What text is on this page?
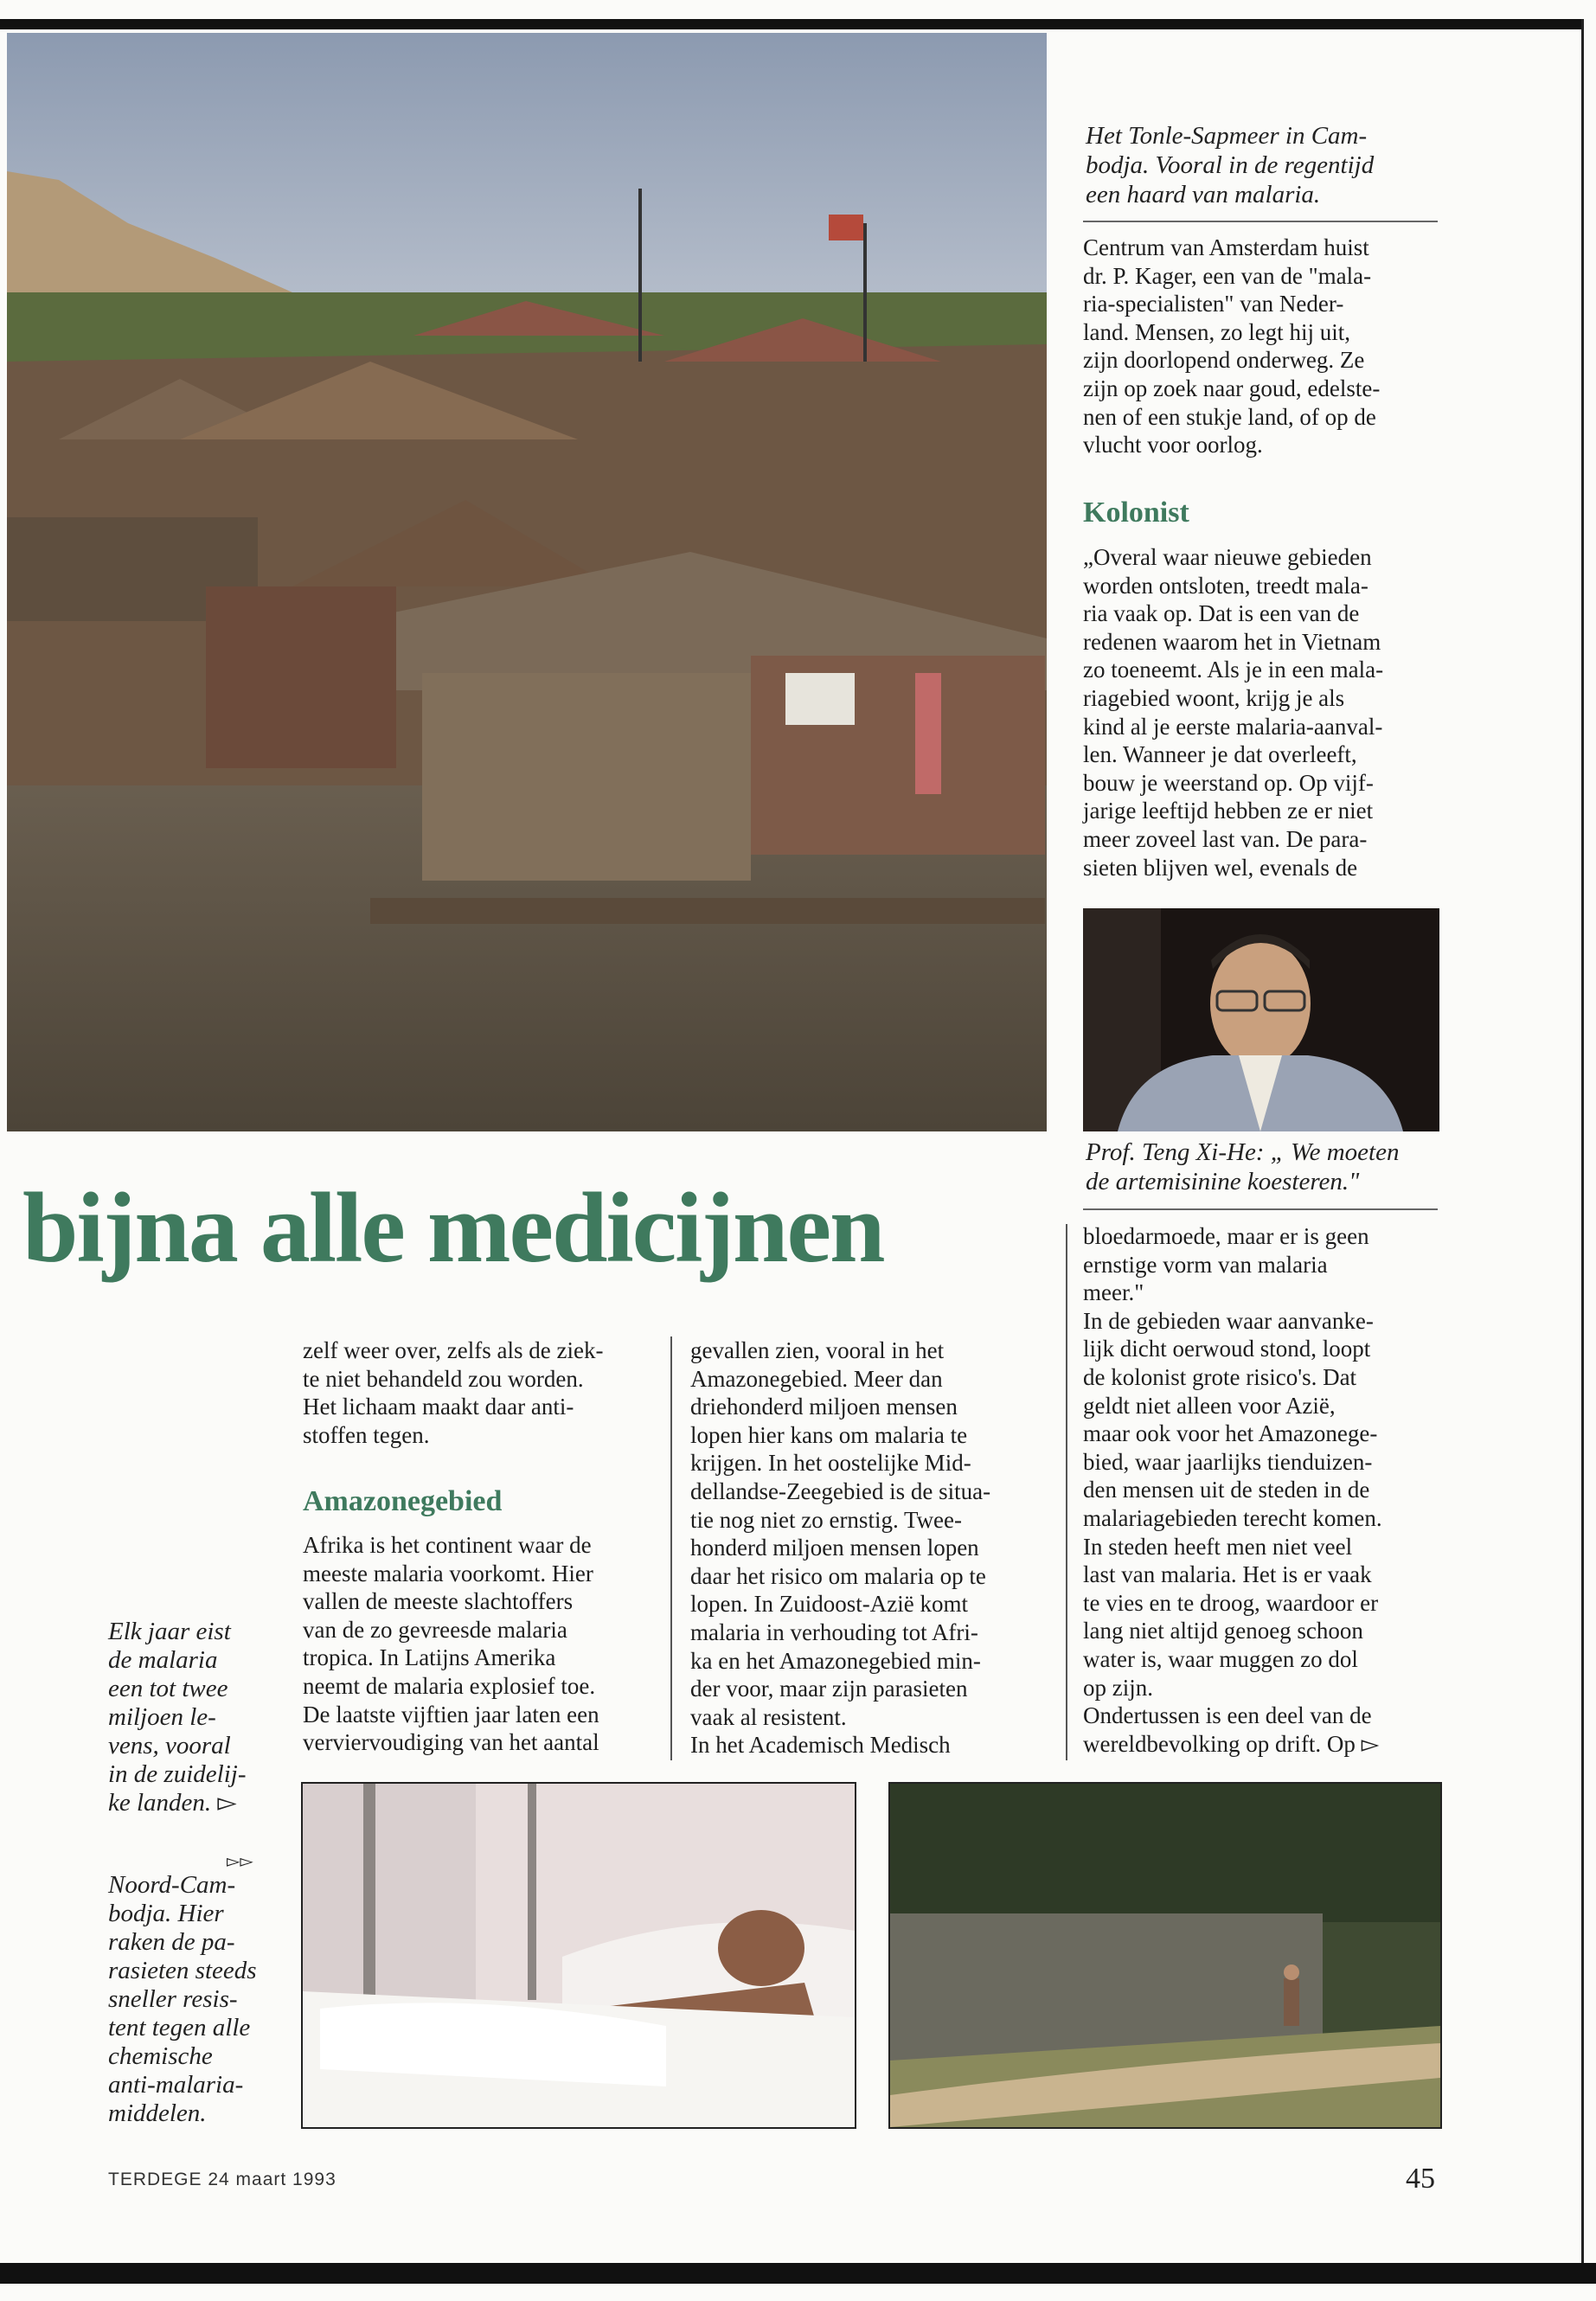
Het Tonle-Sapmeer in Cam-
bodja. Vooral in de regentijd
een haard van malaria.

Centrum van Amsterdam huist

dr. P. Kager, een van de "mala-

ria-specialisten" van Neder-

land. Mensen, zo legt hij uit,

zijn doorlopend onderweg. Ze

zijn op zoek naar goud, edelste-

nen of een stukje land, of op de

vlucht voor oorlog.

Kolonist

„Overal waar nieuwe gebieden

worden ontsloten, treedt mala-

ria vaak op. Dat is een van de

redenen waarom het in Vietnam

zo toeneemt. Als je in een mala-

riagebied woont, krijg je als

kind al je eerste malaria-aanval-

len. Wanneer je dat overleeft,

bouw je weerstand op. Op vijf-

jarige leeftijd hebben ze er niet

meer zoveel last van. De para-

sieten blijven wel, evenals de

Prof. Teng Xi-He: „ We moeten
de artemisinine koesteren."

bloedarmoede, maar er is geen

ernstige vorm van malaria

meer."

In de gebieden waar aanvanke-

lijk dicht oerwoud stond, loopt

de kolonist grote risico's. Dat

geldt niet alleen voor Azië,

maar ook voor het Amazonege-

bied, waar jaarlijks tienduizen-

den mensen uit de steden in de

malariagebieden terecht komen.

In steden heeft men niet veel

last van malaria. Het is er vaak

te vies en te droog, waardoor er

lang niet altijd genoeg schoon

water is, waar muggen zo dol

op zijn.

Ondertussen is een deel van de

wereldbevolking op drift. Op ▻

bijna alle medicijnen

zelf weer over, zelfs als de ziek-

te niet behandeld zou worden.

Het lichaam maakt daar anti-

stoffen tegen.

Amazonegebied

Afrika is het continent waar de

meeste malaria voorkomt. Hier

vallen de meeste slachtoffers

van de zo gevreesde malaria

tropica. In Latijns Amerika

neemt de malaria explosief toe.

De laatste vijftien jaar laten een

verviervoudiging van het aantal

gevallen zien, vooral in het

Amazonegebied. Meer dan

driehonderd miljoen mensen

lopen hier kans om malaria te

krijgen. In het oostelijke Mid-

dellandse-Zeegebied is de situa-

tie nog niet zo ernstig. Twee-

honderd miljoen mensen lopen

daar het risico om malaria op te

lopen. In Zuidoost-Azië komt

malaria in verhouding tot Afri-

ka en het Amazonegebied min-

der voor, maar zijn parasieten

vaak al resistent.

In het Academisch Medisch

Elk jaar eist
de malaria
een tot twee
miljoen le-
vens, vooral
in de zuidelij-
ke landen. ▻
▻▻
Noord-Cam-
bodja. Hier
raken de pa-
rasieten steeds
sneller resis-
tent tegen alle
chemische
anti-malaria-
middelen.
TERDEGE 24 maart 1993	45
